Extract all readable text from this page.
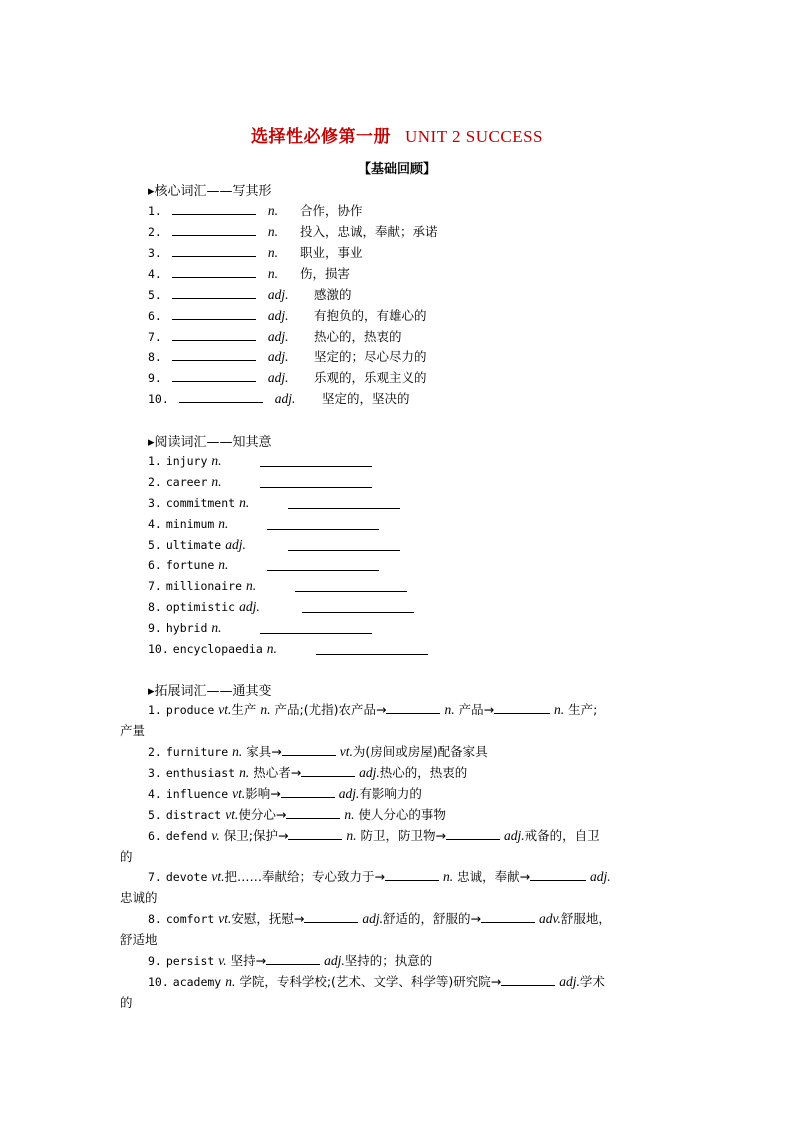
选择性必修第一册 UNIT 2 SUCCESS
【基础回顾】
▸核心词汇——写其形
1.	n. 合作，协作
2.	n. 投入，忠诚，奉献；承诺
3.	n. 职业，事业
4.	n. 伤，损害
5.	adj. 感激的
6.	adj. 有抱负的，有雄心的
7.	adj. 热心的，热衷的
8.	adj. 坚定的；尽心尽力的
9.	adj. 乐观的，乐观主义的
10.	adj. 坚定的，坚决的
▸阅读词汇——知其意
1. injury n.
2. career n.
3. commitment n.
4. minimum n.
5. ultimate adj.
6. fortune n.
7. millionaire n.
8. optimistic adj.
9. hybrid n.
10. encyclopaedia n.
▸拓展词汇——通其变
1. produce vt.生产 n. 产品;(尤指)农产品→	n. 产品→	n. 生产;
产量
2. furniture n. 家具→	vt.为(房间或房屋)配备家具
3. enthusiast n. 热心者→	adj.热心的，热衷的
4. influence vt.影响→	adj.有影响力的
5. distract vt.使分心→	n. 使人分心的事物
6. defend v. 保卫;保护→	n. 防卫，防卫物→	adj.戒备的，自卫
的
7. devote vt.把……奉献给；专心致力于→	n. 忠诚，奉献→	adj.
忠诚的
8. comfort vt.安慰，抚慰→	adj.舒适的，舒服的→	adv.舒服地，
舒适地
9. persist v. 坚持→	adj.坚持的；执意的
10. academy n. 学院，专科学校;(艺术、文学、科学等)研究院→	adj.学术
的
